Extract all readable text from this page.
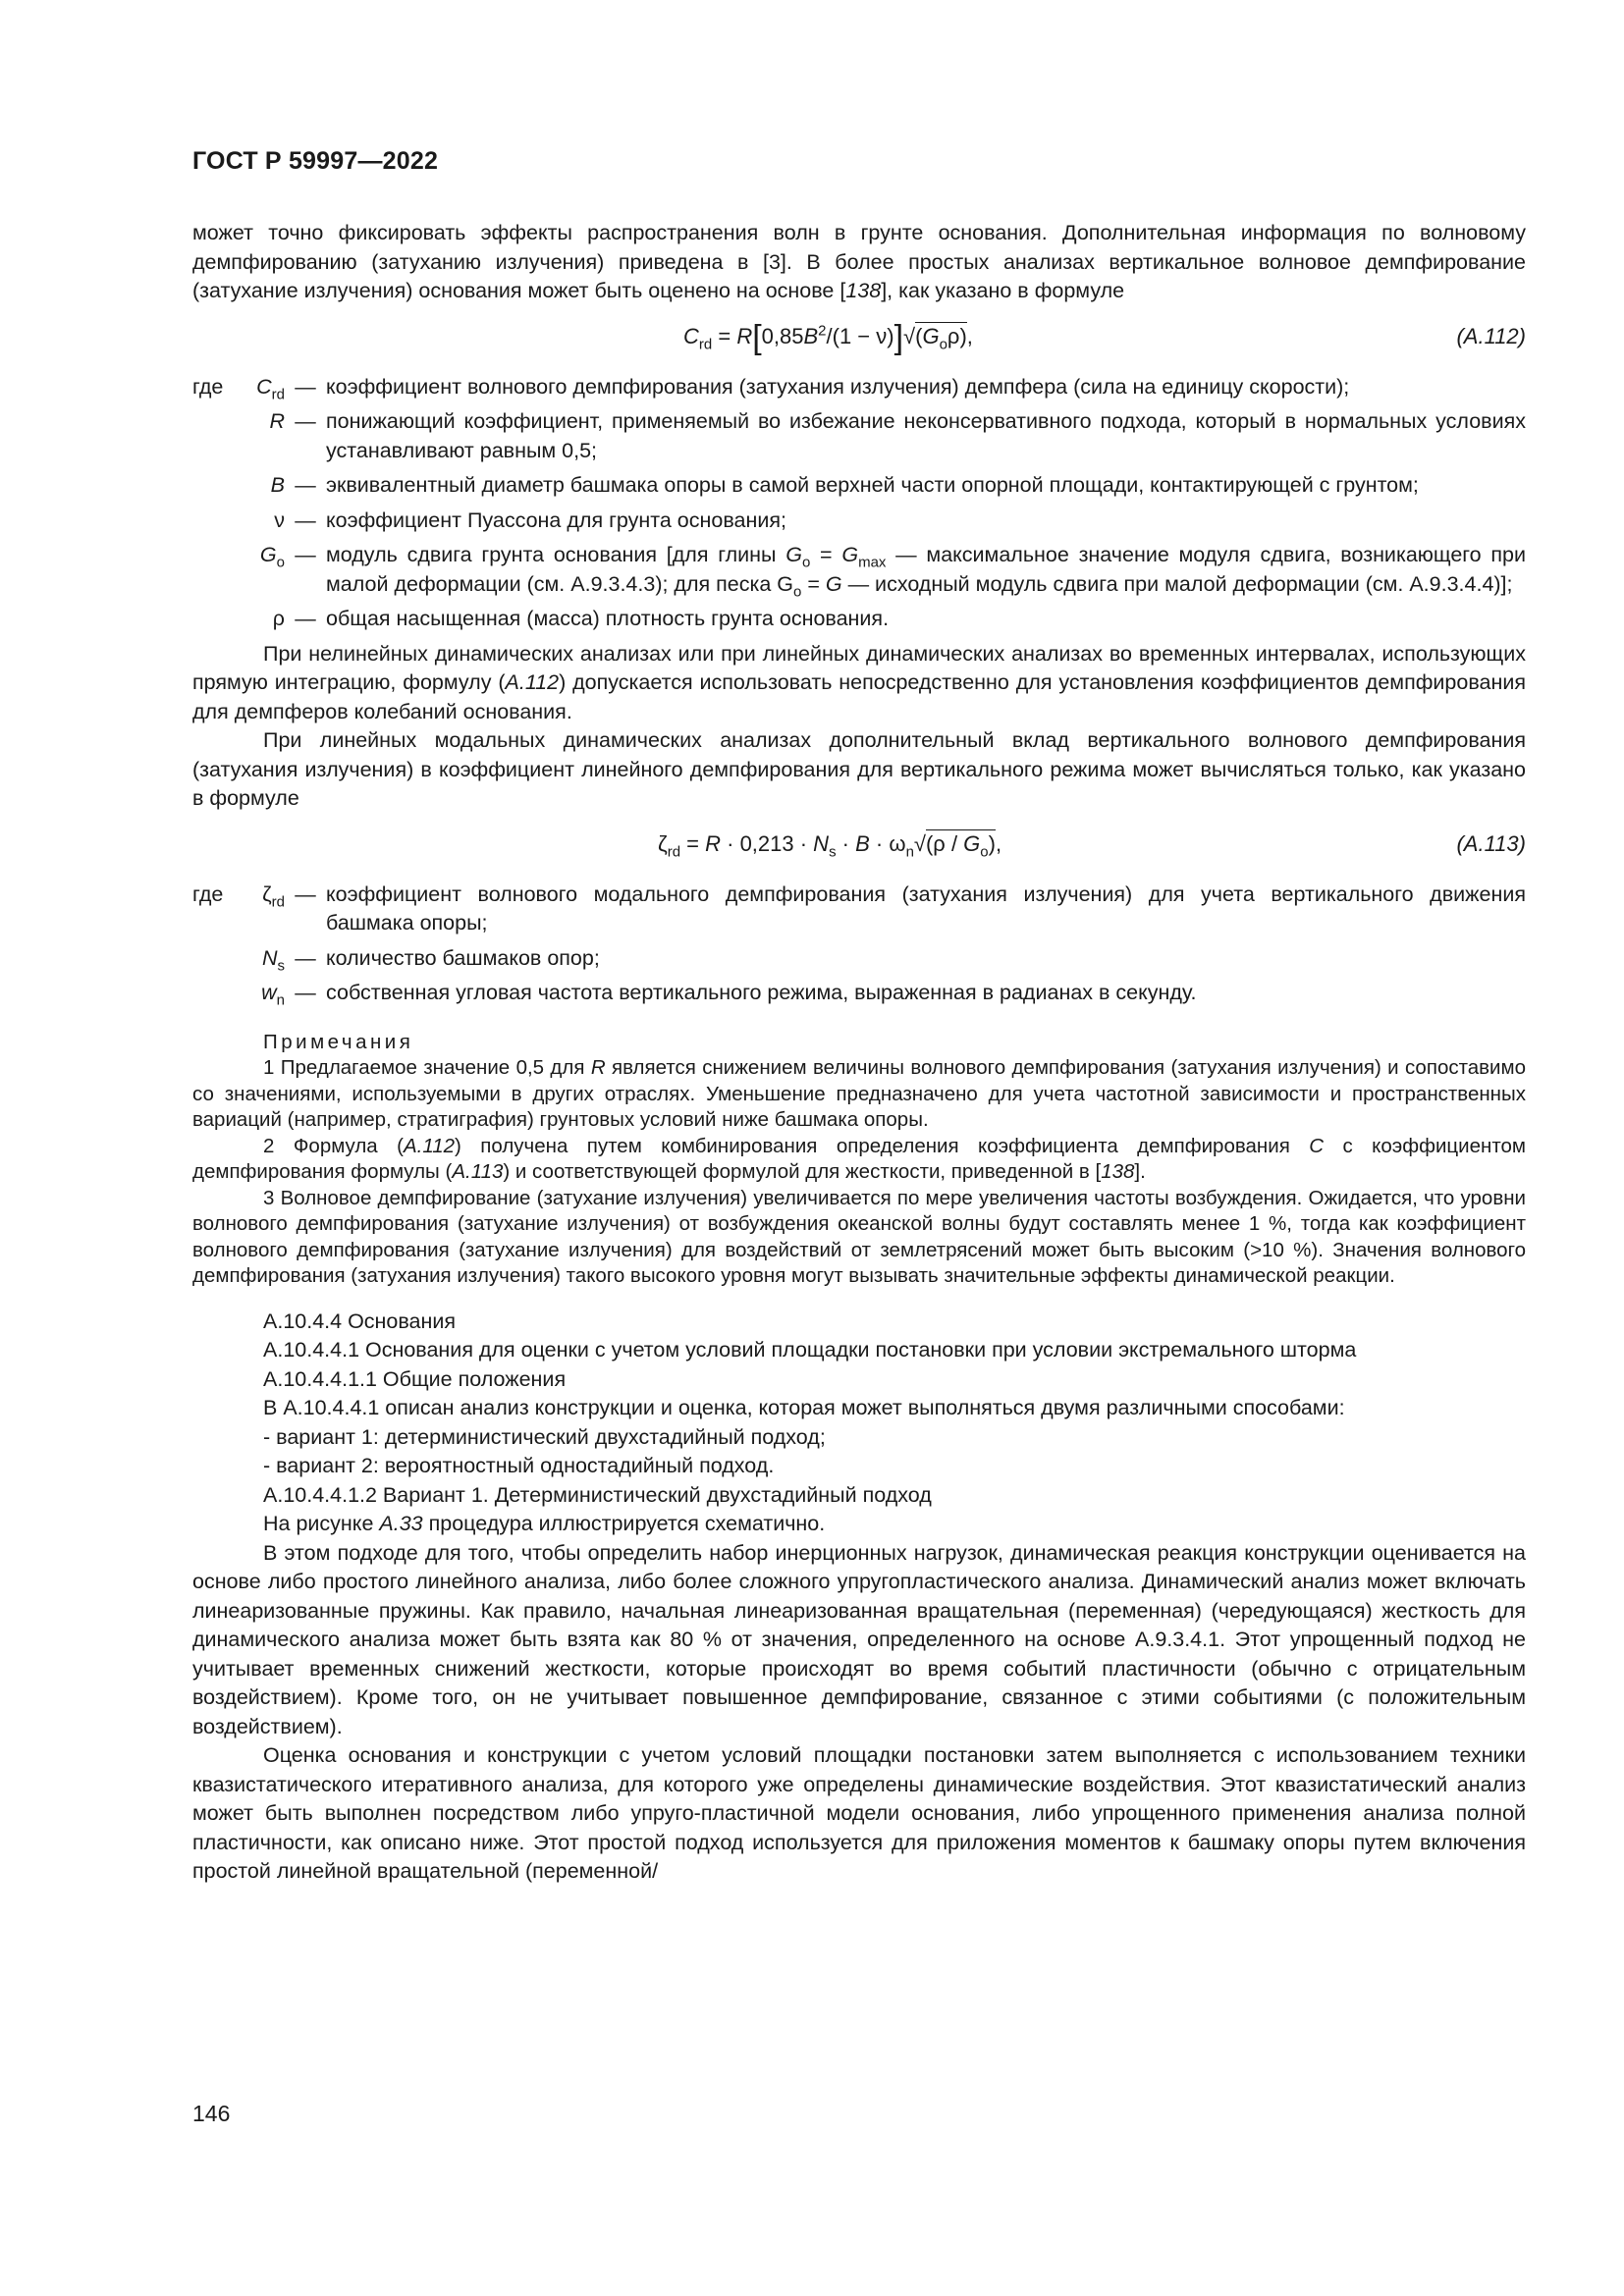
ГОСТ Р 59997—2022

может точно фиксировать эффекты распространения волн в грунте основания. Дополнительная информация по волновому демпфированию (затуханию излучения) приведена в [3]. В более простых анализах вертикальное волновое демпфирование (затухание излучения) основания может быть оценено на основе [138], как указано в формуле

$C_{rd} = R[0,85B^2/(1 - \nu)]√(G_o\rho)$,	(A.112)
где	$C_{rd}$ — коэффициент волнового демпфирования (затухания излучения) демпфера (сила на единицу скорости);
R — понижающий коэффициент, применяемый во избежание неконсервативного подхода, который в нормальных условиях устанавливают равным 0,5;
B — эквивалентный диаметр башмака опоры в самой верхней части опорной площади, контактирующей с грунтом;
ν — коэффициент Пуассона для грунта основания;
$G_o$ — модуль сдвига грунта основания [для глины $G_o = G_{max}$ — максимальное значение модуля сдвига, возникающего при малой деформации (см. А.9.3.4.3); для песка $G_o = G$ — исходный модуль сдвига при малой деформации (см. А.9.3.4.4)];
ρ — общая насыщенная (масса) плотность грунта основания.

При нелинейных динамических анализах или при линейных динамических анализах во временных интервалах, использующих прямую интеграцию, формулу (A.112) допускается использовать непосредственно для установления коэффициентов демпфирования для демпферов колебаний основания.

При линейных модальных динамических анализах дополнительный вклад вертикального волнового демпфирования (затухания излучения) в коэффициент линейного демпфирования для вертикального режима может вычисляться только, как указано в формуле

$\zeta_{rd} = R \cdot 0,213 \cdot N_s \cdot B \cdot \omega_n√(\rho / G_o)$,	(A.113)
где	$\zeta_{rd}$ — коэффициент волнового модального демпфирования (затухания излучения) для учета вертикального движения башмака опоры;
$N_s$ — количество башмаков опор;
$w_n$ — собственная угловая частота вертикального режима, выраженная в радианах в секунду.

Примечания

1 Предлагаемое значение 0,5 для R является снижением величины волнового демпфирования (затухания излучения) и сопоставимо со значениями, используемыми в других отраслях. Уменьшение предназначено для учета частотной зависимости и пространственных вариаций (например, стратиграфия) грунтовых условий ниже башмака опоры.

2 Формула (A.112) получена путем комбинирования определения коэффициента демпфирования C с коэффициентом демпфирования формулы (A.113) и соответствующей формулой для жесткости, приведенной в [138].

3 Волновое демпфирование (затухание излучения) увеличивается по мере увеличения частоты возбуждения. Ожидается, что уровни волнового демпфирования (затухание излучения) от возбуждения океанской волны будут составлять менее 1 %, тогда как коэффициент волнового демпфирования (затухание излучения) для воздействий от землетрясений может быть высоким (>10 %). Значения волнового демпфирования (затухания излучения) такого высокого уровня могут вызывать значительные эффекты динамической реакции.

А.10.4.4 Основания

А.10.4.4.1 Основания для оценки с учетом условий площадки постановки при условии экстремального шторма

А.10.4.4.1.1 Общие положения

В А.10.4.4.1 описан анализ конструкции и оценка, которая может выполняться двумя различными способами:

- вариант 1: детерминистический двухстадийный подход;

- вариант 2: вероятностный одностадийный подход.

А.10.4.4.1.2 Вариант 1. Детерминистический двухстадийный подход

На рисунке A.33 процедура иллюстрируется схематично.

В этом подходе для того, чтобы определить набор инерционных нагрузок, динамическая реакция конструкции оценивается на основе либо простого линейного анализа, либо более сложного упругопластического анализа. Динамический анализ может включать линеаризованные пружины. Как правило, начальная линеаризованная вращательная (переменная) (чередующаяся) жесткость для динамического анализа может быть взята как 80 % от значения, определенного на основе А.9.3.4.1. Этот упрощенный подход не учитывает временных снижений жесткости, которые происходят во время событий пластичности (обычно с отрицательным воздействием). Кроме того, он не учитывает повышенное демпфирование, связанное с этими событиями (с положительным воздействием).

Оценка основания и конструкции с учетом условий площадки постановки затем выполняется с использованием техники квазистатического итеративного анализа, для которого уже определены динамические воздействия. Этот квазистатический анализ может быть выполнен посредством либо упруго-пластичной модели основания, либо упрощенного применения анализа полной пластичности, как описано ниже. Этот простой подход используется для приложения моментов к башмаку опоры путем включения простой линейной вращательной (переменной/

146
